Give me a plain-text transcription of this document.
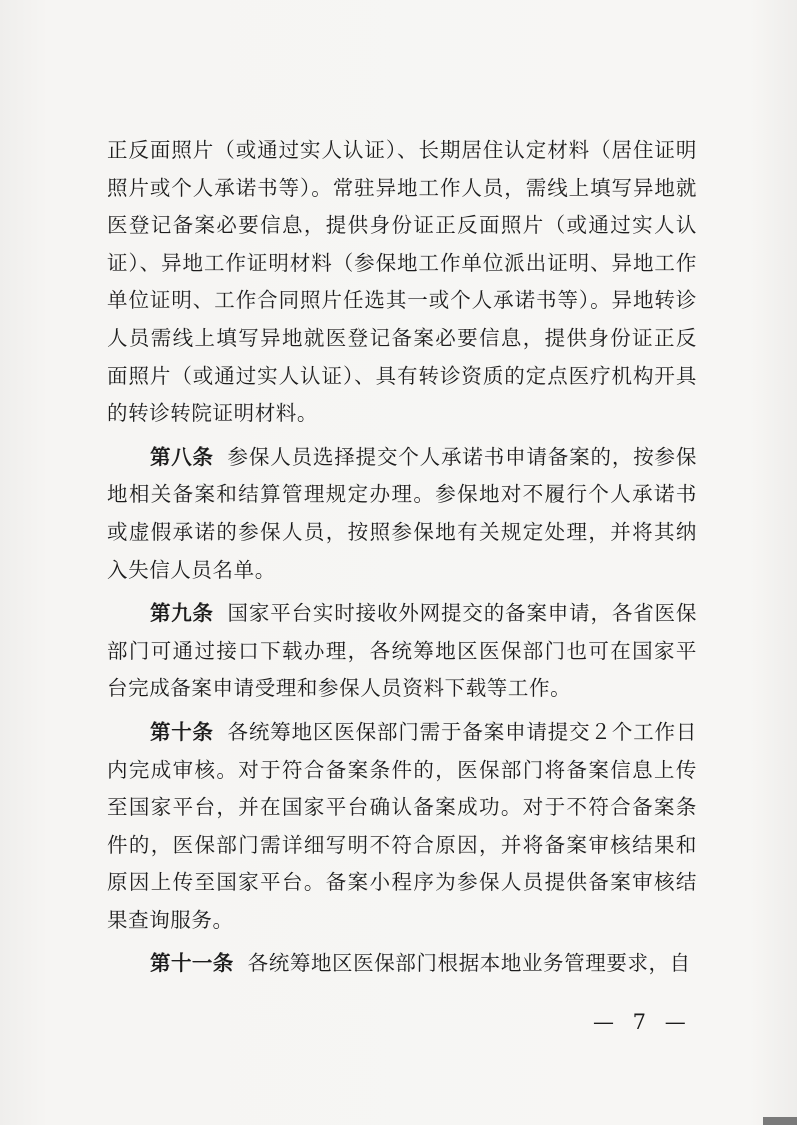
正反面照片（或通过实人认证）、长期居住认定材料（居住证明照片或个人承诺书等）。常驻异地工作人员，需线上填写异地就医登记备案必要信息，提供身份证正反面照片（或通过实人认证）、异地工作证明材料（参保地工作单位派出证明、异地工作单位证明、工作合同照片任选其一或个人承诺书等）。异地转诊人员需线上填写异地就医登记备案必要信息，提供身份证正反面照片（或通过实人认证）、具有转诊资质的定点医疗机构开具的转诊转院证明材料。

第八条 参保人员选择提交个人承诺书申请备案的，按参保地相关备案和结算管理规定办理。参保地对不履行个人承诺书或虚假承诺的参保人员，按照参保地有关规定处理，并将其纳入失信人员名单。

第九条 国家平台实时接收外网提交的备案申请，各省医保部门可通过接口下载办理，各统筹地区医保部门也可在国家平台完成备案申请受理和参保人员资料下载等工作。

第十条 各统筹地区医保部门需于备案申请提交２个工作日内完成审核。对于符合备案条件的，医保部门将备案信息上传至国家平台，并在国家平台确认备案成功。对于不符合备案条件的，医保部门需详细写明不符合原因，并将备案审核结果和原因上传至国家平台。备案小程序为参保人员提供备案审核结果查询服务。

第十一条 各统筹地区医保部门根据本地业务管理要求，自

— 7 —
